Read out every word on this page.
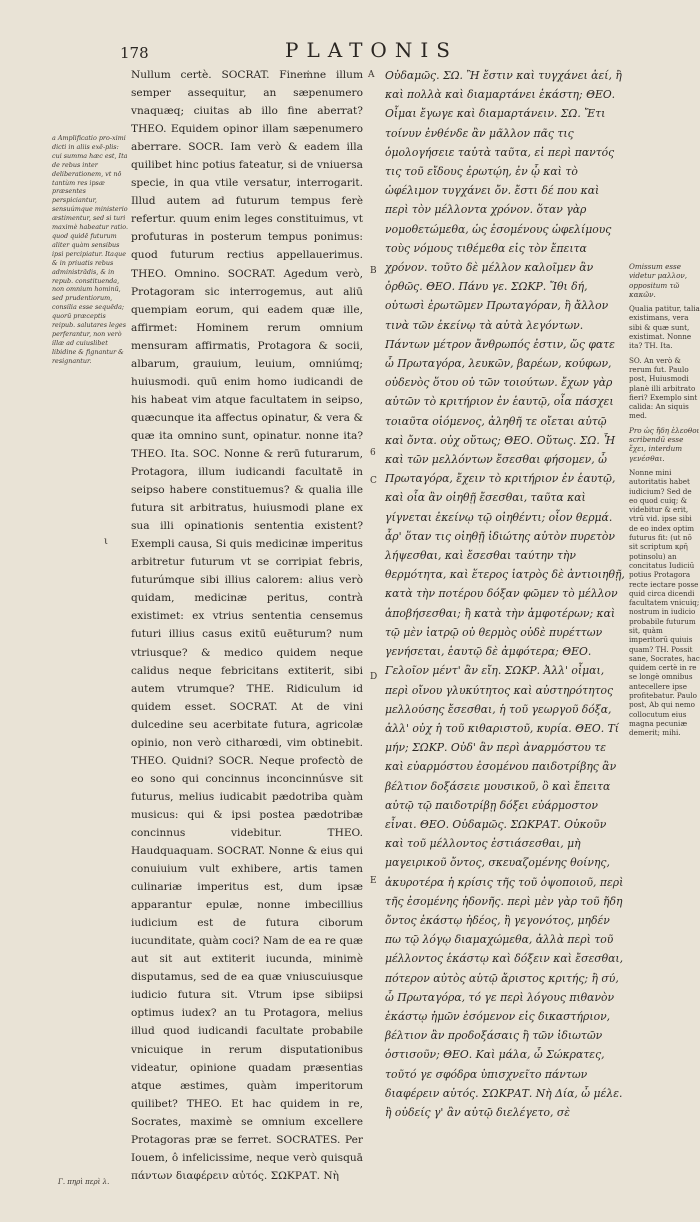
178	PLATONIS
a Amplificatio pro-ximi dicti in aliis exē-plis: cui summa hæc est, Ita de rebus inter deliberationem, vt nō tantùm res ipsæ præsentes perspiciantur, sensuúmque ministerio æstimentur, sed si turi maximè habeatur ratio. quod quidē futurum aliter quàm sensibus ipsi percipiatur. Itaque & in priuatis rebus administrādis, & in repub. constituenda, non omnium hominū, sed prudentiorum, consilia esse sequēda; quorū præceptis reipub. salutares leges perferantur, non verò illæ ad cuiuslibet libidine & fignantur & resignantur.
Γ. πηρὶ περὶ λ.

Nullum certè. SOCRAT. Fineṁne illum semper assequitur, an sæpenumero vnaquæq; ciuitas ab illo fine aberrat? THEO. Equidem opinor illam sæpenumero aberrare. SOCR. Iam verò & eadem illa quilibet hinc potius fateatur, si de vniuersa specie, in qua vtile versatur, interrogarit. Illud autem ad futurum tempus ferè refertur. quum enim leges constituimus, vt profuturas in posterum tempus ponimus: quod futurum rectius appellauerimus. THEO. Omnino. SOCRAT. Agedum verò, Protagoram sic interrogemus, aut aliū quempiam eorum, qui eadem quæ ille, affirmet: Hominem rerum omnium mensuram affirmatis, Protagora & socii, albarum, grauium, leuium, omniúmq; huiusmodi. quū enim homo iudicandi de his habeat vim atque facultatem in seipso, quæcunque ita affectus opinatur, & vera & quæ ita omnino sunt, opinatur. nonne ita? THEO. Ita. SOC. Nonne & rerū futurarum, Protagora, illum iudicandi facultatē in seipso habere constituemus? & qualia ille futura sit arbitratus, huiusmodi plane ex sua illi opinationis sententia existent? Exempli causa, Si quis medicinæ imperitus arbitretur futurum vt se corripiat febris, futurúmque sibi illius calorem: alius verò quidam, medicinæ peritus, contrà existimet: ex vtrius sententia censemus futuri illius casus exitū euēturum? num vtriusque? & medico quidem neque calidus neque febricitans extiterit, sibi autem vtrumque? THE. Ridiculum id quidem esset. SOCRAT. At de vini dulcedine seu acerbitate futura, agricolæ opinio, non verò citharœdi, vim obtinebit. THEO. Quidni? SOCR. Neque profectò de eo sono qui concinnus inconcinnúsve sit futurus, melius iudicabit pædotriba quàm musicus: qui & ipsi postea pædotribæ concinnus videbitur. THEO. Haudquaquam. SOCRAT. Nonne & eius qui conuiuium vult exhibere, artis tamen culinariæ imperitus est, dum ipsæ apparantur epulæ, nonne imbecillius iudicium est de futura ciborum iucunditate, quàm coci? Nam de ea re quæ aut sit aut extiterit iucunda, minimè disputamus, sed de ea quæ vniuscuiusque iudicio futura sit. Vtrum ipse sibiipsi optimus iudex? an tu Protagora, melius illud quod iudicandi facultate probabile vnicuique in rerum disputationibus videatur, opinione quadam præsentias atque æstimes, quàm imperitorum quilibet? THEO. Et hac quidem in re, Socrates, maximè se omnium excellere Protagoras præ se ferret. SOCRATES. Per Iouem, ô infelicissime, neque verò quisquā πάντων διαφέρειν αὐτός. ΣΩΚΡΑΤ. Νὴ

A
B
6
C
D
E
ι

Οὐδαμῶς. ΣΩ. Ἢ ἔστιν καὶ τυγχάνει ἀεί, ἢ καὶ πολλὰ καὶ διαμαρτάνει ἑκάστη; ΘΕΟ. Οἶμαι ἔγωγε καὶ διαμαρτάνειν. ΣΩ. Ἔτι τοίνυν ἐνθένδε ἂν μᾶλλον πᾶς τις ὁμολογήσειε ταὐτὰ ταῦτα, εἰ περὶ παντός τις τοῦ εἴδους ἐρωτῴη, ἐν ᾧ καὶ τὸ ὠφέλιμον τυγχάνει ὄν. ἔστι δέ που καὶ περὶ τὸν μέλλοντα χρόνον. ὅταν γὰρ νομοθετώμεθα, ὡς ἐσομένους ὠφελίμους τοὺς νόμους τιθέμεθα εἰς τὸν ἔπειτα χρόνον. τοῦτο δὲ μέλλον καλοῖμεν ἂν ὀρθῶς. ΘΕΟ. Πάνυ γε. ΣΩΚΡ. Ἴθι δή, οὑτωσὶ ἐρωτῶμεν Πρωταγόραν, ἢ ἄλλον τινὰ τῶν ἐκείνῳ τὰ αὐτὰ λεγόντων. Πάντων μέτρον ἄνθρωπός ἐστιν, ὥς φατε ὦ Πρωταγόρα, λευκῶν, βαρέων, κούφων, οὐδενὸς ὅτου οὐ τῶν τοιούτων. ἔχων γὰρ αὐτῶν τὸ κριτήριον ἐν ἑαυτῷ, οἷα πάσχει τοιαῦτα οἰόμενος, ἀληθῆ τε οἴεται αὐτῷ καὶ ὄντα. οὐχ οὕτως; ΘΕΟ. Οὕτως. ΣΩ. Ἦ καὶ τῶν μελλόντων ἔσεσθαι φήσομεν, ὦ Πρωταγόρα, ἔχειν τὸ κριτήριον ἐν ἑαυτῷ, καὶ οἷα ἂν οἰηθῇ ἔσεσθαι, ταῦτα καὶ γίγνεται ἐκείνῳ τῷ οἰηθέντι; οἷον θερμά. ἆρ' ὅταν τις οἰηθῇ ἰδιώτης αὐτὸν πυρετὸν λήψεσθαι, καὶ ἔσεσθαι ταύτην τὴν θερμότητα, καὶ ἕτερος ἰατρὸς δὲ ἀντιοιηθῇ, κατὰ τὴν ποτέρου δόξαν φῶμεν τὸ μέλλον ἀποβήσεσθαι; ἢ κατὰ τὴν ἀμφοτέρων; καὶ τῷ μὲν ἰατρῷ οὐ θερμὸς οὐδὲ πυρέττων γενήσεται, ἑαυτῷ δὲ ἀμφότερα; ΘΕΟ. Γελοῖον μέντ' ἂν εἴη. ΣΩΚΡ. Ἀλλ' οἶμαι, περὶ οἴνου γλυκύτητος καὶ αὐστηρότητος μελλούσης ἔσεσθαι, ἡ τοῦ γεωργοῦ δόξα, ἀλλ' οὐχ ἡ τοῦ κιθαριστοῦ, κυρία. ΘΕΟ. Τί μήν; ΣΩΚΡ. Οὐδ' ἂν περὶ ἀναρμόστου τε καὶ εὐαρμόστου ἐσομένου παιδοτρίβης ἂν βέλτιον δοξάσειε μουσικοῦ, ὃ καὶ ἔπειτα αὐτῷ τῷ παιδοτρίβῃ δόξει εὐάρμοστον εἶναι. ΘΕΟ. Οὐδαμῶς. ΣΩΚΡΑΤ. Οὐκοῦν καὶ τοῦ μέλλοντος ἑστιάσεσθαι, μὴ μαγειρικοῦ ὄντος, σκευαζομένης θοίνης, ἀκυροτέρα ἡ κρίσις τῆς τοῦ ὀψοποιοῦ, περὶ τῆς ἐσομένης ἡδονῆς. περὶ μὲν γὰρ τοῦ ἤδη ὄντος ἑκάστῳ ἡδέος, ἢ γεγονότος, μηδέν πω τῷ λόγῳ διαμαχώμεθα, ἀλλὰ περὶ τοῦ μέλλοντος ἑκάστῳ καὶ δόξειν καὶ ἔσεσθαι, πότερον αὐτὸς αὑτῷ ἄριστος κριτής; ἢ σύ, ὦ Πρωταγόρα, τό γε περὶ λόγους πιθανὸν ἑκάστῳ ἡμῶν ἐσόμενον εἰς δικαστήριον, βέλτιον ἂν προδοξάσαις ἢ τῶν ἰδιωτῶν ὁστισοῦν; ΘΕΟ. Καὶ μάλα, ὦ Σώκρατες, τοῦτό γε σφόδρα ὑπισχνεῖτο πάντων διαφέρειν αὐτός. ΣΩΚΡΑΤ. Νὴ Δία, ὦ μέλε. ἢ οὐδείς γ' ἂν αὐτῷ διελέγετο, σὲ

Omissum esse videtur μαλλον, oppositum τῶ κακῶν.
Qualia patitur, talia existimans, vera sibi & quæ sunt, existimat. Nonne ita? TH. Ita.
SO. An verò & rerum fut. Paulo post, Huiusmodi planè illi arbitrato fieri? Exemplo sint calida: An siquis med.
Pro ὡς ἤδη ἐλεοθοι scribendū esse ἔχει, interdum γενέσθαι.
Nonne mini autoritatis habet iudicium? Sed de eo quod cuiq; & videbitur & erit, vtrū vid. ipse sibi de eo index optim futurus fit: (ut nō sit scriptum κρῆ potinsolu) an concitatus Iudiciū potius Protagora recte iectare posse quid circa dicendi facultatem vnicuiq; nostrum in iudicio probabile futurum sit, quàm imperitorū quiuis quam? TH. Possit sane, Socrates, hac quidem certè in re se longè omnibus antecellere ipse profitebatur. Paulo post, Ab qui nemo collocutum eius magna pecuniæ demerit; mihi.
